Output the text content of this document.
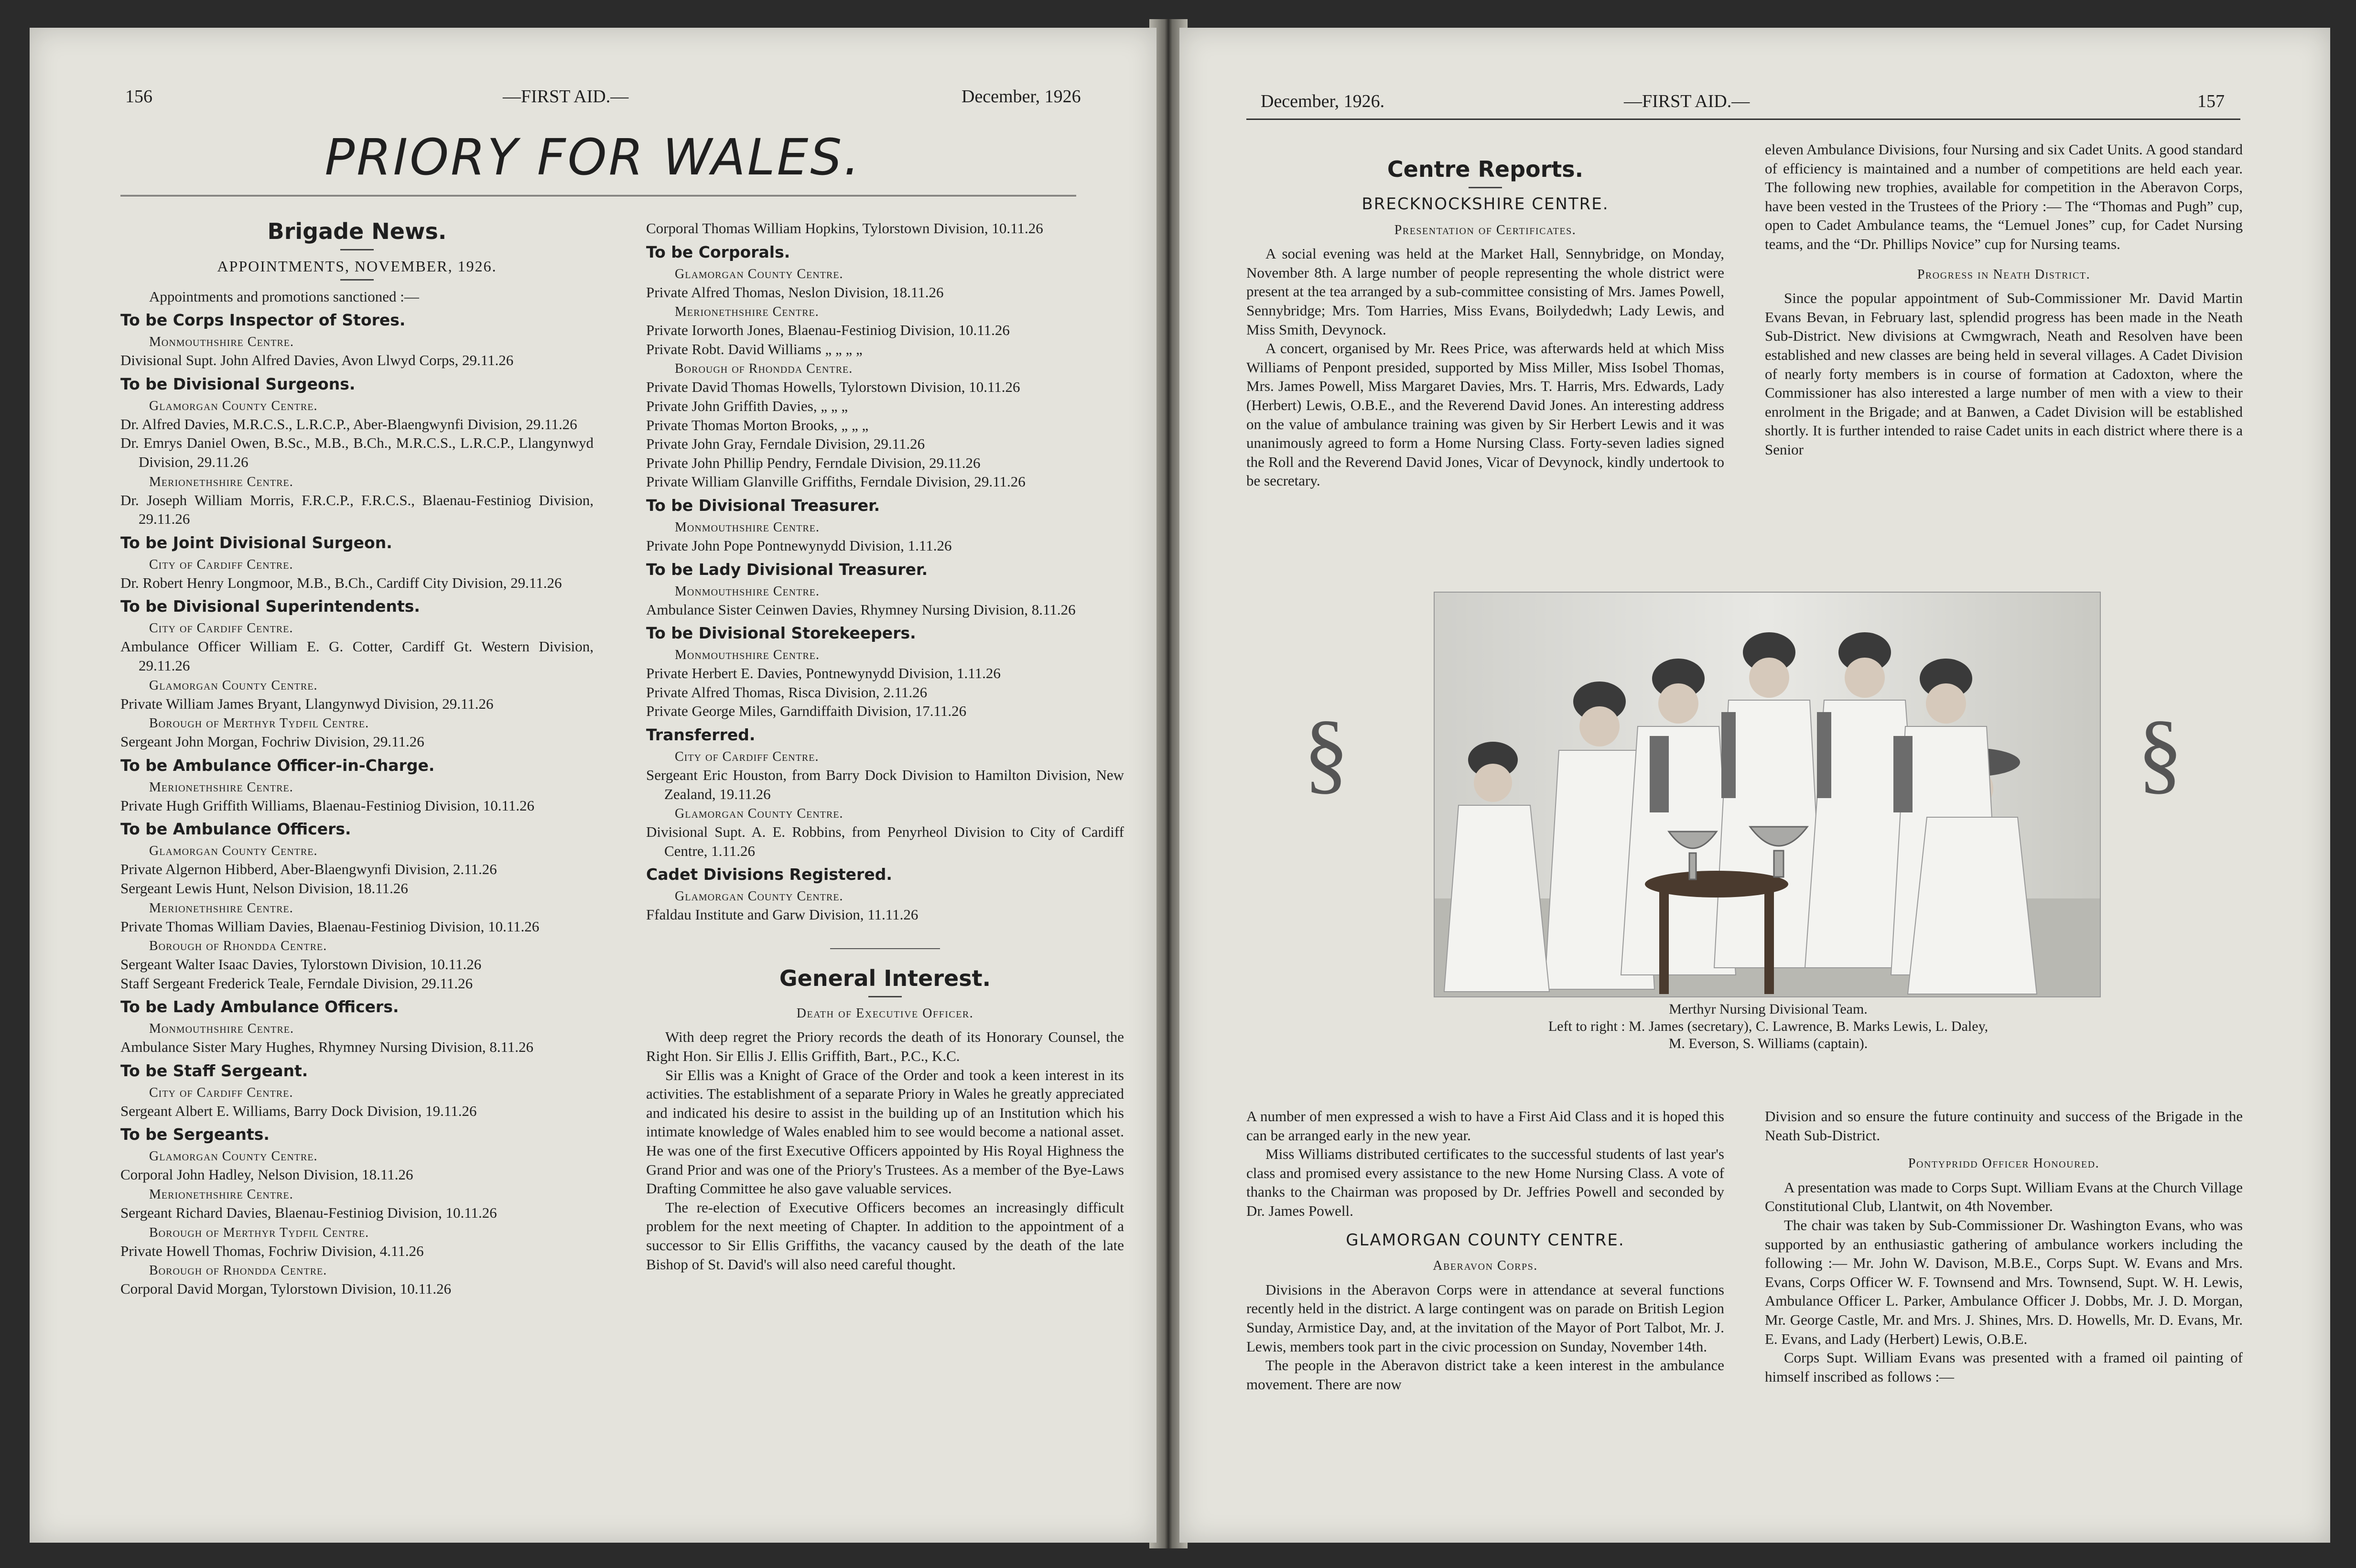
156	—FIRST AID.—	December, 1926
PRIORY FOR WALES.
Brigade News.

APPOINTMENTS, NOVEMBER, 1926.

Appointments and promotions sanctioned :—

To be Corps Inspector of Stores.
Monmouthshire Centre.

Divisional Supt. John Alfred Davies, Avon Llwyd Corps, 29.11.26

To be Divisional Surgeons.
Glamorgan County Centre.

Dr. Alfred Davies, M.R.C.S., L.R.C.P., Aber-Blaengwynfi Division, 29.11.26

Dr. Emrys Daniel Owen, B.Sc., M.B., B.Ch., M.R.C.S., L.R.C.P., Llangynwyd Division, 29.11.26

Merionethshire Centre.

Dr. Joseph William Morris, F.R.C.P., F.R.C.S., Blaenau-Festiniog Division, 29.11.26

To be Joint Divisional Surgeon.
City of Cardiff Centre.

Dr. Robert Henry Longmoor, M.B., B.Ch., Cardiff City Division, 29.11.26

To be Divisional Superintendents.
City of Cardiff Centre.

Ambulance Officer William E. G. Cotter, Cardiff Gt. Western Division, 29.11.26

Glamorgan County Centre.

Private William James Bryant, Llangynwyd Division, 29.11.26

Borough of Merthyr Tydfil Centre.

Sergeant John Morgan, Fochriw Division, 29.11.26

To be Ambulance Officer-in-Charge.
Merionethshire Centre.

Private Hugh Griffith Williams, Blaenau-Festiniog Division, 10.11.26

To be Ambulance Officers.
Glamorgan County Centre.

Private Algernon Hibberd, Aber-Blaengwynfi Division, 2.11.26

Sergeant Lewis Hunt, Nelson Division, 18.11.26

Merionethshire Centre.

Private Thomas William Davies, Blaenau-Festiniog Division, 10.11.26

Borough of Rhondda Centre.

Sergeant Walter Isaac Davies, Tylorstown Division, 10.11.26

Staff Sergeant Frederick Teale, Ferndale Division, 29.11.26

To be Lady Ambulance Officers.
Monmouthshire Centre.

Ambulance Sister Mary Hughes, Rhymney Nursing Division, 8.11.26

To be Staff Sergeant.
City of Cardiff Centre.

Sergeant Albert E. Williams, Barry Dock Division, 19.11.26

To be Sergeants.
Glamorgan County Centre.

Corporal John Hadley, Nelson Division, 18.11.26

Merionethshire Centre.

Sergeant Richard Davies, Blaenau-Festiniog Division, 10.11.26

Borough of Merthyr Tydfil Centre.

Private Howell Thomas, Fochriw Division, 4.11.26

Borough of Rhondda Centre.

Corporal David Morgan, Tylorstown Division, 10.11.26

Corporal Thomas William Hopkins, Tylorstown Division, 10.11.26

To be Corporals.
Glamorgan County Centre.

Private Alfred Thomas, Neslon Division, 18.11.26

Merionethshire Centre.

Private Iorworth Jones, Blaenau-Festiniog Division, 10.11.26

Private Robt. David Williams „ „ „ „

Borough of Rhondda Centre.

Private David Thomas Howells, Tylorstown Division, 10.11.26

Private John Griffith Davies, „ „ „

Private Thomas Morton Brooks, „ „ „

Private John Gray, Ferndale Division, 29.11.26

Private John Phillip Pendry, Ferndale Division, 29.11.26

Private William Glanville Griffiths, Ferndale Division, 29.11.26

To be Divisional Treasurer.
Monmouthshire Centre.

Private John Pope Pontnewynydd Division, 1.11.26

To be Lady Divisional Treasurer.
Monmouthshire Centre.

Ambulance Sister Ceinwen Davies, Rhymney Nursing Division, 8.11.26

To be Divisional Storekeepers.
Monmouthshire Centre.

Private Herbert E. Davies, Pontnewynydd Division, 1.11.26

Private Alfred Thomas, Risca Division, 2.11.26

Private George Miles, Garndiffaith Division, 17.11.26

Transferred.
City of Cardiff Centre.

Sergeant Eric Houston, from Barry Dock Division to Hamilton Division, New Zealand, 19.11.26

Glamorgan County Centre.

Divisional Supt. A. E. Robbins, from Penyrheol Division to City of Cardiff Centre, 1.11.26

Cadet Divisions Registered.
Glamorgan County Centre.

Ffaldau Institute and Garw Division, 11.11.26

General Interest.

Death of Executive Officer.

With deep regret the Priory records the death of its Honorary Counsel, the Right Hon. Sir Ellis J. Ellis Griffith, Bart., P.C., K.C.

Sir Ellis was a Knight of Grace of the Order and took a keen interest in its activities. The establishment of a separate Priory in Wales he greatly appreciated and indicated his desire to assist in the building up of an Institution which his intimate knowledge of Wales enabled him to see would become a national asset. He was one of the first Executive Officers appointed by His Royal Highness the Grand Prior and was one of the Priory's Trustees. As a member of the Bye-Laws Drafting Committee he also gave valuable services.

The re-election of Executive Officers becomes an increasingly difficult problem for the next meeting of Chapter. In addition to the appointment of a successor to Sir Ellis Griffiths, the vacancy caused by the death of the late Bishop of St. David's will also need careful thought.

December, 1926.	—FIRST AID.—	157
Centre Reports.
BRECKNOCKSHIRE CENTRE.

Presentation of Certificates.

A social evening was held at the Market Hall, Sennybridge, on Monday, November 8th. A large number of people representing the whole district were present at the tea arranged by a sub-committee consisting of Mrs. James Powell, Sennybridge; Mrs. Tom Harries, Miss Evans, Boilydedwh; Lady Lewis, and Miss Smith, Devynock.

A concert, organised by Mr. Rees Price, was afterwards held at which Miss Williams of Penpont presided, supported by Miss Miller, Miss Isobel Thomas, Mrs. James Powell, Miss Margaret Davies, Mrs. T. Harris, Mrs. Edwards, Lady (Herbert) Lewis, O.B.E., and the Reverend David Jones. An interesting address on the value of ambulance training was given by Sir Herbert Lewis and it was unanimously agreed to form a Home Nursing Class. Forty-seven ladies signed the Roll and the Reverend David Jones, Vicar of Devynock, kindly undertook to be secretary.

eleven Ambulance Divisions, four Nursing and six Cadet Units. A good standard of efficiency is maintained and a number of competitions are held each year. The following new trophies, available for competition in the Aberavon Corps, have been vested in the Trustees of the Priory :— The “Thomas and Pugh” cup, open to Cadet Ambulance teams, the “Lemuel Jones” cup, for Cadet Nursing teams, and the “Dr. Phillips Novice” cup for Nursing teams.

Progress in Neath District.

Since the popular appointment of Sub-Commissioner Mr. David Martin Evans Bevan, in February last, splendid progress has been made in the Neath Sub-District. New divisions at Cwmgwrach, Neath and Resolven have been established and new classes are being held in several villages. A Cadet Division of nearly forty members is in course of formation at Cadoxton, where the Commissioner has also interested a large number of men with a view to their enrolment in the Brigade; and at Banwen, a Cadet Division will be established shortly. It is further intended to raise Cadet units in each district where there is a Senior

A number of men expressed a wish to have a First Aid Class and it is hoped this can be arranged early in the new year.

Miss Williams distributed certificates to the successful students of last year's class and promised every assistance to the new Home Nursing Class. A vote of thanks to the Chairman was proposed by Dr. Jeffries Powell and seconded by Dr. James Powell.

GLAMORGAN COUNTY CENTRE.

Aberavon Corps.

Divisions in the Aberavon Corps were in attendance at several functions recently held in the district. A large contingent was on parade on British Legion Sunday, Armistice Day, and, at the invitation of the Mayor of Port Talbot, Mr. J. Lewis, members took part in the civic procession on Sunday, November 14th.

The people in the Aberavon district take a keen interest in the ambulance movement. There are now

Division and so ensure the future continuity and success of the Brigade in the Neath Sub-District.

Pontypridd Officer Honoured.

A presentation was made to Corps Supt. William Evans at the Church Village Constitutional Club, Llantwit, on 4th November.

The chair was taken by Sub-Commissioner Dr. Washington Evans, who was supported by an enthusiastic gathering of ambulance workers including the following :— Mr. John W. Davison, M.B.E., Corps Supt. W. Evans and Mrs. Evans, Corps Officer W. F. Townsend and Mrs. Townsend, Supt. W. H. Lewis, Ambulance Officer L. Parker, Ambulance Officer J. Dobbs, Mr. J. D. Morgan, Mr. George Castle, Mr. and Mrs. J. Shines, Mrs. D. Howells, Mr. D. Evans, Mr. E. Evans, and Lady (Herbert) Lewis, O.B.E.

Corps Supt. William Evans was presented with a framed oil painting of himself inscribed as follows :—

§	§
Merthyr Nursing Divisional Team.
Left to right : M. James (secretary), C. Lawrence, B. Marks Lewis, L. Daley,
M. Everson, S. Williams (captain).
